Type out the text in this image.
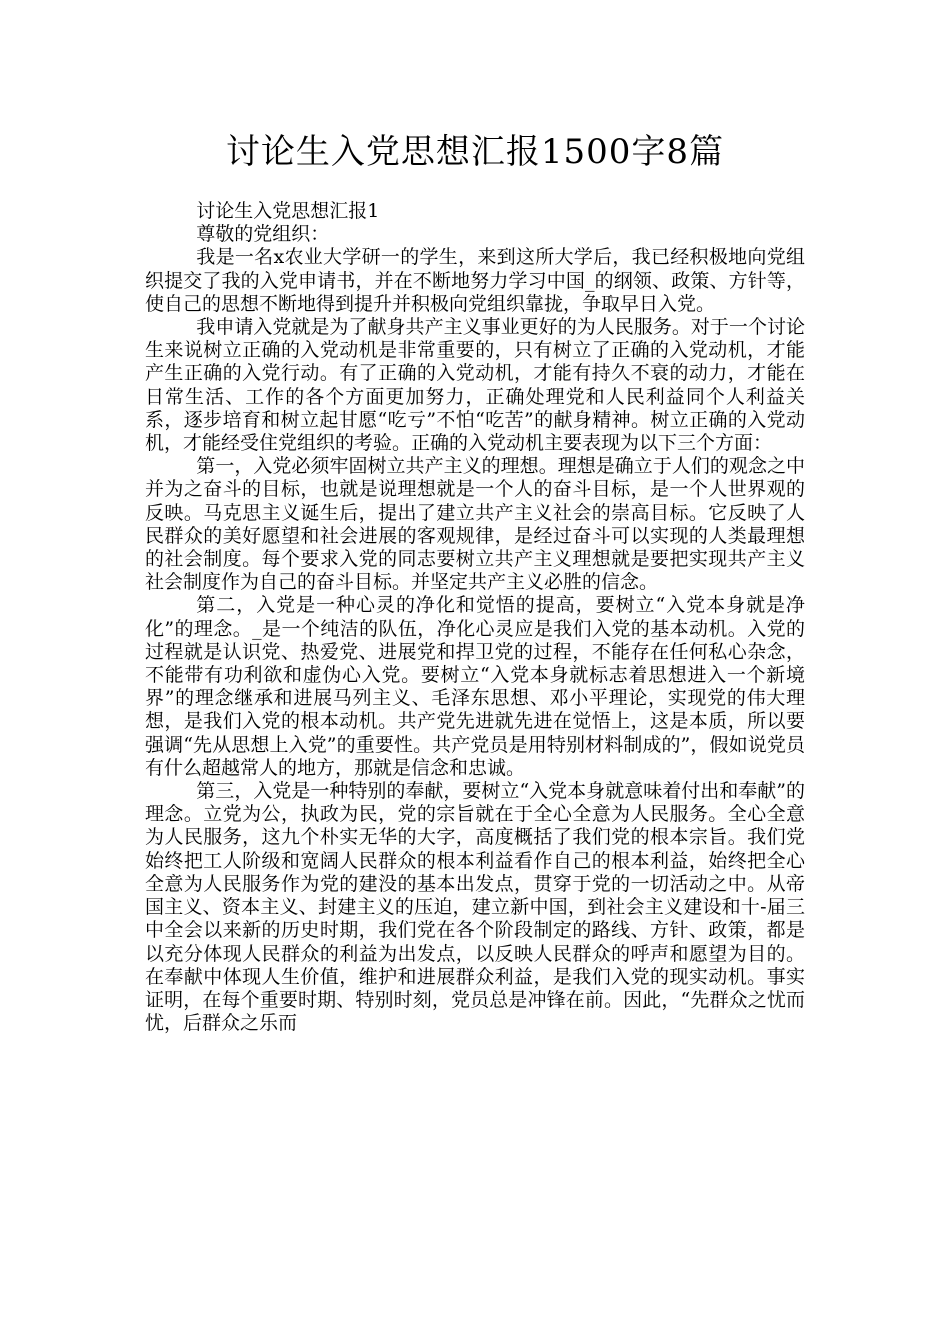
讨论生入党思想汇报1500字8篇

讨论生入党思想汇报1

尊敬的党组织：

我是一名x农业大学研一的学生，来到这所大学后，我已经积极地向党组织提交了我的入党申请书，并在不断地努力学习中国_的纲领、政策、方针等，使自己的思想不断地得到提升并积极向党组织靠拢，争取早日入党。

我申请入党就是为了献身共产主义事业更好的为人民服务。对于一个讨论生来说树立正确的入党动机是非常重要的，只有树立了正确的入党动机，才能产生正确的入党行动。有了正确的入党动机，才能有持久不衰的动力，才能在日常生活、工作的各个方面更加努力，正确处理党和人民利益同个人利益关系，逐步培育和树立起甘愿“吃亏”不怕“吃苦”的献身精神。树立正确的入党动机，才能经受住党组织的考验。正确的入党动机主要表现为以下三个方面：

第一，入党必须牢固树立共产主义的理想。理想是确立于人们的观念之中并为之奋斗的目标，也就是说理想就是一个人的奋斗目标，是一个人世界观的反映。马克思主义诞生后，提出了建立共产主义社会的崇高目标。它反映了人民群众的美好愿望和社会进展的客观规律，是经过奋斗可以实现的人类最理想的社会制度。每个要求入党的同志要树立共产主义理想就是要把实现共产主义社会制度作为自己的奋斗目标。并坚定共产主义必胜的信念。

第二，入党是一种心灵的净化和觉悟的提高，要树立“入党本身就是净化”的理念。_是一个纯洁的队伍，净化心灵应是我们入党的基本动机。入党的过程就是认识党、热爱党、进展党和捍卫党的过程，不能存在任何私心杂念，不能带有功利欲和虚伪心入党。要树立“入党本身就标志着思想进入一个新境界”的理念继承和进展马列主义、毛泽东思想、邓小平理论，实现党的伟大理想，是我们入党的根本动机。共产党先进就先进在觉悟上，这是本质，所以要强调“先从思想上入党”的重要性。共产党员是用特别材料制成的”，假如说党员有什么超越常人的地方，那就是信念和忠诚。

第三，入党是一种特别的奉献，要树立“入党本身就意味着付出和奉献”的理念。立党为公，执政为民，党的宗旨就在于全心全意为人民服务。全心全意为人民服务，这九个朴实无华的大字，高度概括了我们党的根本宗旨。我们党始终把工人阶级和宽阔人民群众的根本利益看作自己的根本利益，始终把全心全意为人民服务作为党的建没的基本出发点，贯穿于党的一切活动之中。从帝国主义、资本主义、封建主义的压迫，建立新中国，到社会主义建设和十-届三中全会以来新的历史时期，我们党在各个阶段制定的路线、方针、政策，都是以充分体现人民群众的利益为出发点，以反映人民群众的呼声和愿望为目的。在奉献中体现人生价值，维护和进展群众利益，是我们入党的现实动机。事实证明，在每个重要时期、特别时刻，党员总是冲锋在前。因此，“先群众之忧而忧，后群众之乐而
